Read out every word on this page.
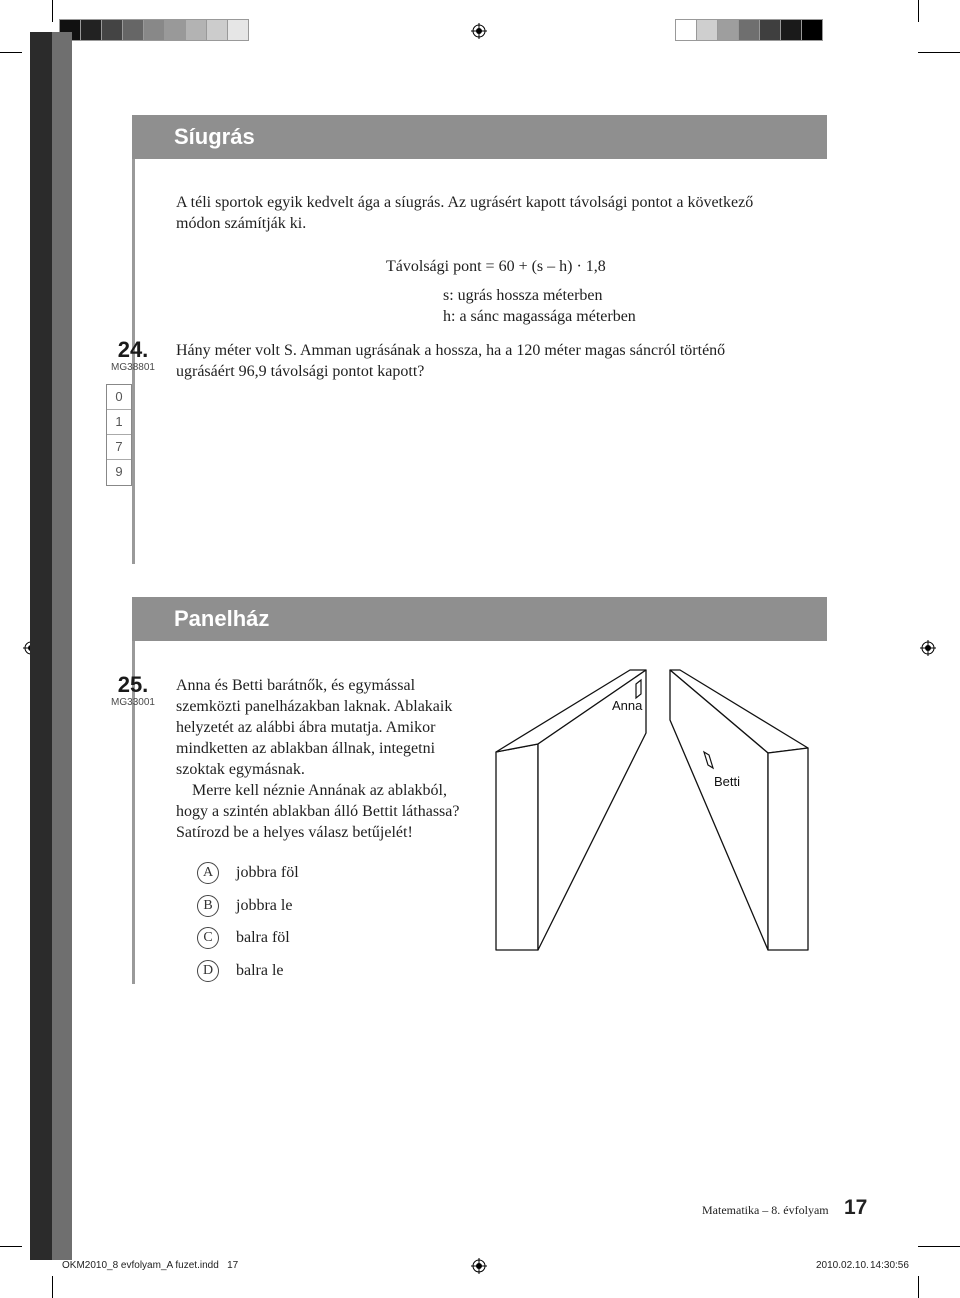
Síugrás
A téli sportok egyik kedvelt ága a síugrás. Az ugrásért kapott távolsági pontot a következő
módon számítják ki.
Távolsági pont = 60 + (s – h) · 1,8
s: ugrás hossza méterben
h: a sánc magassága méterben
24.
MG38801
0
1
7
9
Hány méter volt S. Amman ugrásának a hossza, ha a 120 méter magas sáncról történő
ugrásáért 96,9 távolsági pontot kapott?
Panelház
25.
MG33001
Anna és Betti barátnők, és egymással
szemközti panelházakban laknak. Ablakaik
helyzetét az alábbi ábra mutatja. Amikor
mindketten az ablakban állnak, integetni
szoktak egymásnak.
Merre kell néznie Annának az ablakból,
hogy a szintén ablakban álló Bettit láthassa?
Satírozd be a helyes válasz betűjelét!
A	jobbra föl
B	jobbra le
C	balra föl
D	balra le
Anna
Betti
Matematika – 8. évfolyam 17
OKM2010_8 evfolyam_A fuzet.indd   17	2010.02.10. 14:30:56
